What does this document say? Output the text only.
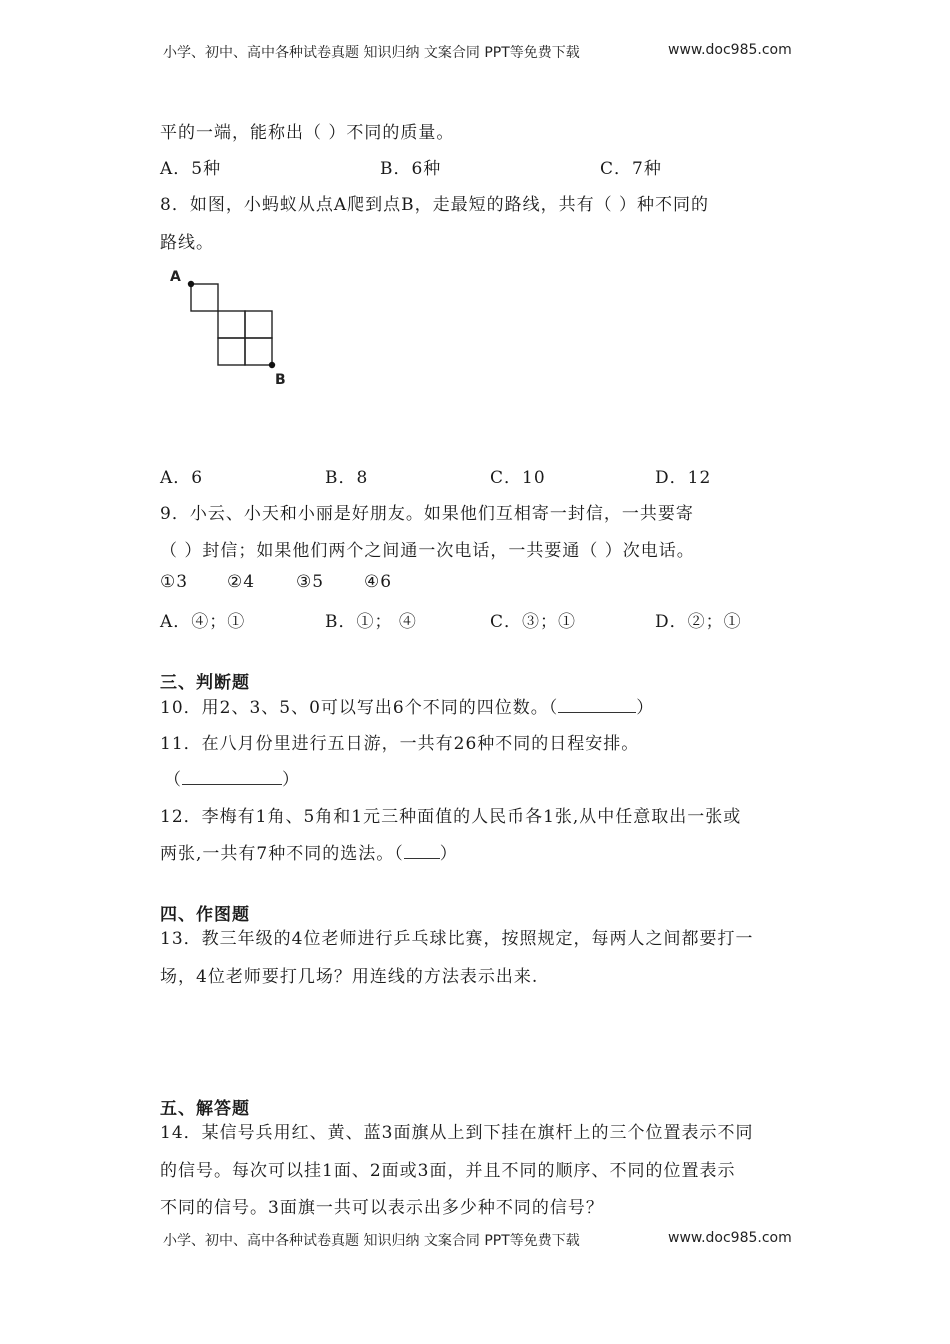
小学、初中、高中各种试卷真题 知识归纳 文案合同 PPT等免费下载	www.doc985.com
平的一端，能称出（ ）不同的质量。
A．5种	B．6种	C．7种
8．如图，小蚂蚁从点A爬到点B，走最短的路线，共有（ ）种不同的
路线。
A
B
A．6	B．8	C．10	D．12
9．小云、小天和小丽是好朋友。如果他们互相寄一封信，一共要寄
（ ）封信；如果他们两个之间通一次电话，一共要通（ ）次电话。
①3 ②4 ③5 ④6
A．④；①	B．①； ④	C．③；①	D．②；①
三、判断题
10．用2、3、5、0可以写出6个不同的四位数。（	）
11．在八月份里进行五日游，一共有26种不同的日程安排。
（	）
12．李梅有1角、5角和1元三种面值的人民币各1张,从中任意取出一张或
两张,一共有7种不同的选法。（ ）
四、作图题
13．教三年级的4位老师进行乒乓球比赛，按照规定，每两人之间都要打一
场，4位老师要打几场？用连线的方法表示出来.
五、解答题
14．某信号兵用红、黄、蓝3面旗从上到下挂在旗杆上的三个位置表示不同
的信号。每次可以挂1面、2面或3面，并且不同的顺序、不同的位置表示
不同的信号。3面旗一共可以表示出多少种不同的信号？
小学、初中、高中各种试卷真题 知识归纳 文案合同 PPT等免费下载	www.doc985.com
